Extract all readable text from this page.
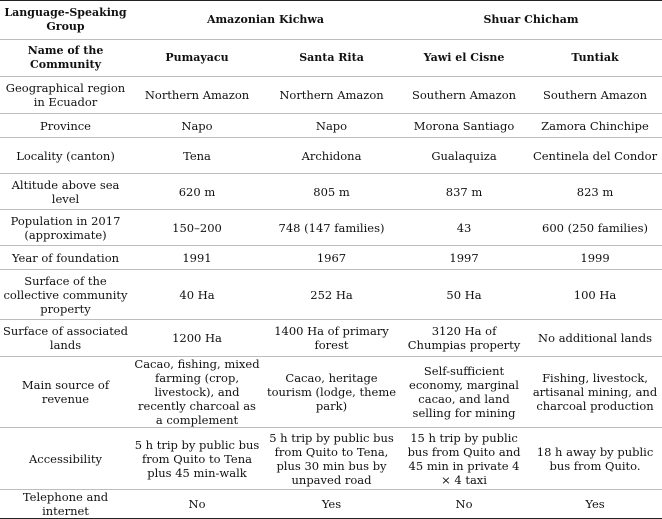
Language-Speaking Group	Amazonian Kichwa		Shuar Chicham	
Name of the Community	Pumayacu	Santa Rita	Yawi el Cisne	Tuntiak
Geographical region in Ecuador	Northern Amazon	Northern Amazon	Southern Amazon	Southern Amazon
Province	Napo	Napo	Morona Santiago	Zamora Chinchipe
Locality (canton)	Tena	Archidona	Gualaquiza	Centinela del Condor
Altitude above sea level	620 m	805 m	837 m	823 m
Population in 2017 (approximate)	150–200	748 (147 families)	43	600 (250 families)
Year of foundation	1991	1967	1997	1999
Surface of the collective community property	40 Ha	252 Ha	50 Ha	100 Ha
Surface of associated lands	1200 Ha	1400 Ha of primary forest	3120 Ha of Chumpias property	No additional lands
Main source of revenue	Cacao, fishing, mixed farming (crop, livestock), and recently charcoal as a complement	Cacao, heritage tourism (lodge, theme park)	Self-sufficient economy, marginal cacao, and land selling for mining	Fishing, livestock, artisanal mining, and charcoal production
Accessibility	5 h trip by public bus from Quito to Tena plus 45 min-walk	5 h trip by public bus from Quito to Tena, plus 30 min bus by unpaved road	15 h trip by public bus from Quito and 45 min in private 4 × 4 taxi	18 h away by public bus from Quito.
Telephone and internet	No	Yes	No	Yes
